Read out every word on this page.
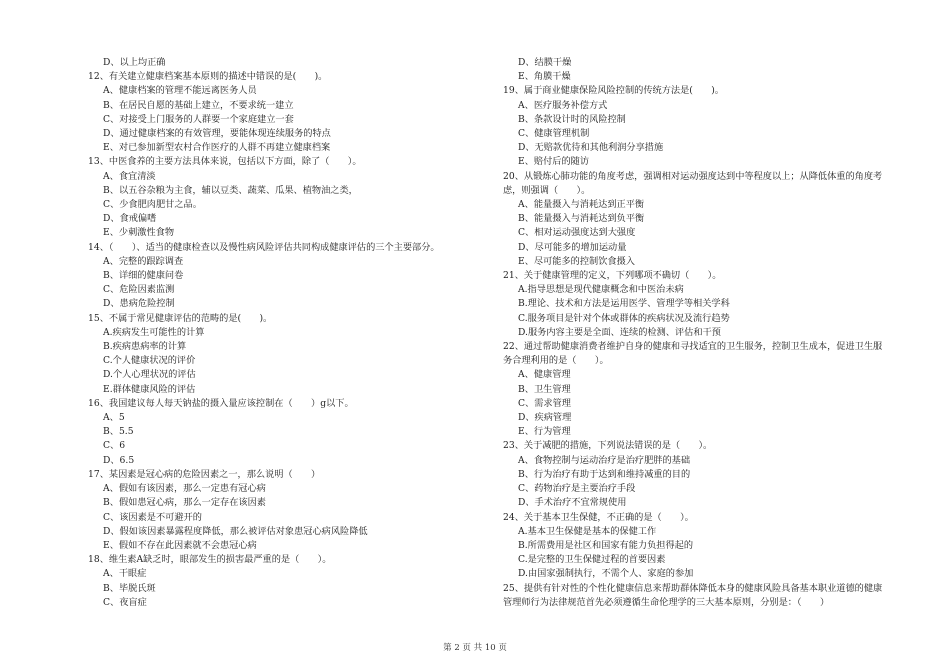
D、以上均正确
12、有关建立健康档案基本原则的描述中错误的是(　　)。
A、健康档案的管理不能远离医务人员
B、在居民自愿的基础上建立，不要求统一建立
C、对接受上门服务的人群要一个家庭建立一套
D、通过健康档案的有效管理，要能体现连续服务的特点
E、对已参加新型农村合作医疗的人群不再建立健康档案
13、中医食养的主要方法具体来说，包括以下方面，除了（　　）。
A、食宜清淡
B、以五谷杂粮为主食，辅以豆类、蔬菜、瓜果、植物油之类，
C、少食肥肉肥甘之品。
D、食戒偏嗜
E、少刺激性食物
14、（　　）、适当的健康检查以及慢性病风险评估共同构成健康评估的三个主要部分。
A、完整的跟踪调查
B、详细的健康问卷
C、危险因素监测
D、患病危险控制
15、不属于常见健康评估的范畴的是(　　)。
A.疾病发生可能性的计算
B.疾病患病率的计算
C.个人健康状况的评价
D.个人心理状况的评估
E.群体健康风险的评估
16、我国建议每人每天钠盐的摄入量应该控制在（　　）g以下。
A、5
B、5.5
C、6
D、6.5
17、某因素是冠心病的危险因素之一，那么说明（　　）
A、假如有该因素，那么一定患有冠心病
B、假如患冠心病，那么一定存在该因素
C、该因素是不可避开的
D、假如该因素暴露程度降低，那么被评估对象患冠心病风险降低
E、假如不存在此因素就不会患冠心病
18、维生素A缺乏时，眼部发生的损害最严重的是（　　）。
A、干眼症
B、毕脱氏斑
C、夜盲症
D、结膜干燥
E、角膜干燥
19、属于商业健康保险风险控制的传统方法是(　　)。
A、医疗服务补偿方式
B、条款设计时的风险控制
C、健康管理机制
D、无赔款优待和其他利润分享措施
E、赔付后的随访
20、从锻炼心肺功能的角度考虑，强调相对运动强度达到中等程度以上；从降低体重的角度考
虑，则强调（　　）。
A、能量摄入与消耗达到正平衡
B、能量摄入与消耗达到负平衡
C、相对运动强度达到大强度
D、尽可能多的增加运动量
E、尽可能多的控制饮食摄入
21、关于健康管理的定义，下列哪项不确切（　　）。
A.指导思想是现代健康概念和中医治未病
B.理论、技术和方法是运用医学、管理学等相关学科
C.服务项目是针对个体或群体的疾病状况及流行趋势
D.服务内容主要是全面、连续的检测、评估和干预
22、通过帮助健康消费者维护自身的健康和寻找适宜的卫生服务，控制卫生成本，促进卫生服
务合理利用的是（　　）。
A、健康管理
B、卫生管理
C、需求管理
D、疾病管理
E、行为管理
23、关于减肥的措施，下列说法错误的是（　　）。
A、食物控制与运动治疗是治疗肥胖的基础
B、行为治疗有助于达到和维持减重的目的
C、药物治疗是主要治疗手段
D、手术治疗不宜常规使用
24、关于基本卫生保健，不正确的是（　　）。
A.基本卫生保健是基本的保健工作
B.所需费用是社区和国家有能力负担得起的
C.是完整的卫生保健过程的首要因素
D.由国家强制执行，不需个人、家庭的参加
25、提供有针对性的个性化健康信息来帮助群体降低本身的健康风险具备基本职业道德的健康
管理师行为法律规范首先必须遵循生命伦理学的三大基本原则，分别是：（　　）
第 2 页 共 10 页
